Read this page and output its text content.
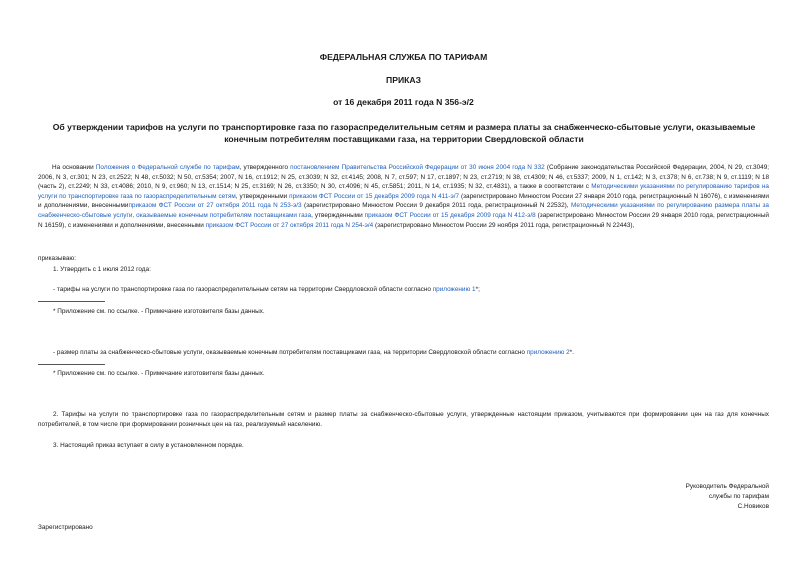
ФЕДЕРАЛЬНАЯ СЛУЖБА ПО ТАРИФАМ
ПРИКАЗ
от 16 декабря 2011 года N 356-э/2
Об утверждении тарифов на услуги по транспортировке газа по газораспределительным сетям и размера платы за снабженческо-сбытовые услуги, оказываемые
конечным потребителям поставщиками газа, на территории Свердловской области
На основании Положения о Федеральной службе по тарифам, утвержденного постановлением Правительства Российской Федерации от 30 июня 2004 года N 332 (Собрание законодательства Российской Федерации, 2004, N 29, ст.3049; 2006, N 3, ст.301; N 23, ст.2522; N 48, ст.5032; N 50, ст.5354; 2007, N 16, ст.1912; N 25, ст.3039; N 32, ст.4145; 2008, N 7, ст.597; N 17, ст.1897; N 23, ст.2719; N 38, ст.4309; N 46, ст.5337; 2009, N 1, ст.142; N 3, ст.378; N 6, ст.738; N 9, ст.1119; N 18 (часть 2), ст.2249; N 33, ст.4086; 2010, N 9, ст.960; N 13, ст.1514; N 25, ст.3169; N 26, ст.3350; N 30, ст.4096; N 45, ст.5851; 2011, N 14, ст.1935; N 32, ст.4831), а также в соответствии с Методическими указаниями по регулированию тарифов на услуги по транспортировке газа по газораспределительным сетям, утвержденными приказом ФСТ России от 15 декабря 2009 года N 411-э/7 (зарегистрировано Минюстом России 27 января 2010 года, регистрационный N 16076), с изменениями и дополнениями, внесеннымиприказом ФСТ России от 27 октября 2011 года N 253-э/3 (зарегистрировано Минюстом России 9 декабря 2011 года, регистрационный N 22532), Методическими указаниями по регулированию размера платы за снабженческо-сбытовые услуги, оказываемые конечным потребителям поставщиками газа, утвержденными приказом ФСТ России от 15 декабря 2009 года N 412-э/8 (зарегистрировано Минюстом России 29 января 2010 года, регистрационный N 16159), с изменениями и дополнениями, внесенными приказом ФСТ России от 27 октября 2011 года N 254-э/4 (зарегистрировано Минюстом России 29 ноября 2011 года, регистрационный N 22443),
приказываю:
1. Утвердить с 1 июля 2012 года:
- тарифы на услуги по транспортировке газа по газораспределительным сетям на территории Свердловской области согласно приложению 1*;
* Приложение см. по ссылке. - Примечание изготовителя базы данных.
- размер платы за снабженческо-сбытовые услуги, оказываемые конечным потребителям поставщиками газа, на территории Свердловской области согласно приложению 2*.
* Приложение см. по ссылке. - Примечание изготовителя базы данных.
2. Тарифы на услуги по транспортировке газа по газораспределительным сетям и размер платы за снабженческо-сбытовые услуги, утвержденные настоящим приказом, учитываются при формировании цен на газ для конечных потребителей, в том числе при формировании розничных цен на газ, реализуемый населению.
3. Настоящий приказ вступает в силу в установленном порядке.
Руководитель Федеральной
службы по тарифам
С.Новиков
Зарегистрировано
